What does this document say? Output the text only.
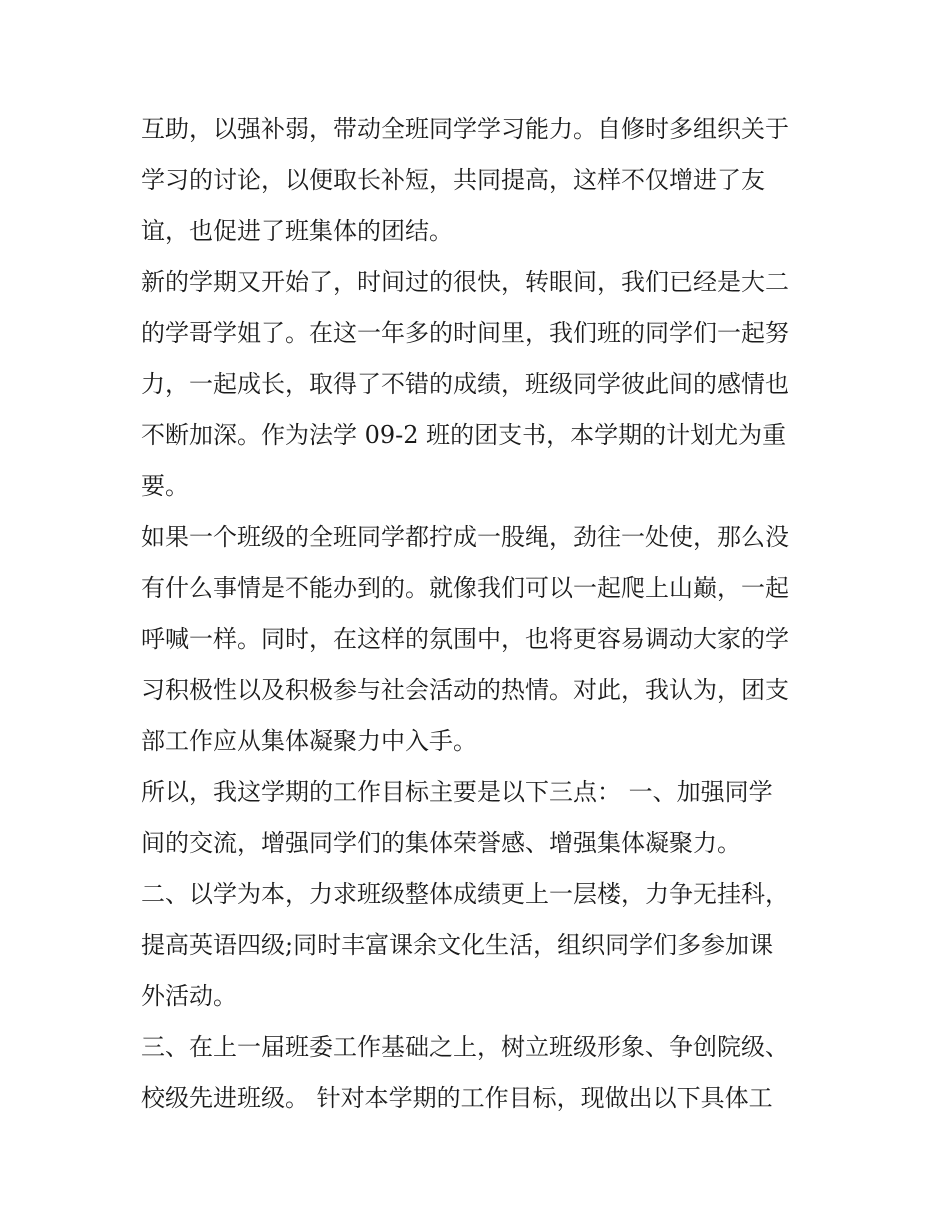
互助，以强补弱，带动全班同学学习能力。自修时多组织关于
学习的讨论，以便取长补短，共同提高，这样不仅增进了友
谊，也促进了班集体的团结。
新的学期又开始了，时间过的很快，转眼间，我们已经是大二
的学哥学姐了。在这一年多的时间里，我们班的同学们一起努
力，一起成长，取得了不错的成绩，班级同学彼此间的感情也
不断加深。作为法学 09-2 班的团支书，本学期的计划尤为重
要。
如果一个班级的全班同学都拧成一股绳，劲往一处使，那么没
有什么事情是不能办到的。就像我们可以一起爬上山巅，一起
呼喊一样。同时，在这样的氛围中，也将更容易调动大家的学
习积极性以及积极参与社会活动的热情。对此，我认为，团支
部工作应从集体凝聚力中入手。
所以，我这学期的工作目标主要是以下三点： 一、加强同学
间的交流，增强同学们的集体荣誉感、增强集体凝聚力。
二、以学为本，力求班级整体成绩更上一层楼，力争无挂科，
提高英语四级;同时丰富课余文化生活，组织同学们多参加课
外活动。
三、在上一届班委工作基础之上，树立班级形象、争创院级、
校级先进班级。 针对本学期的工作目标，现做出以下具体工
